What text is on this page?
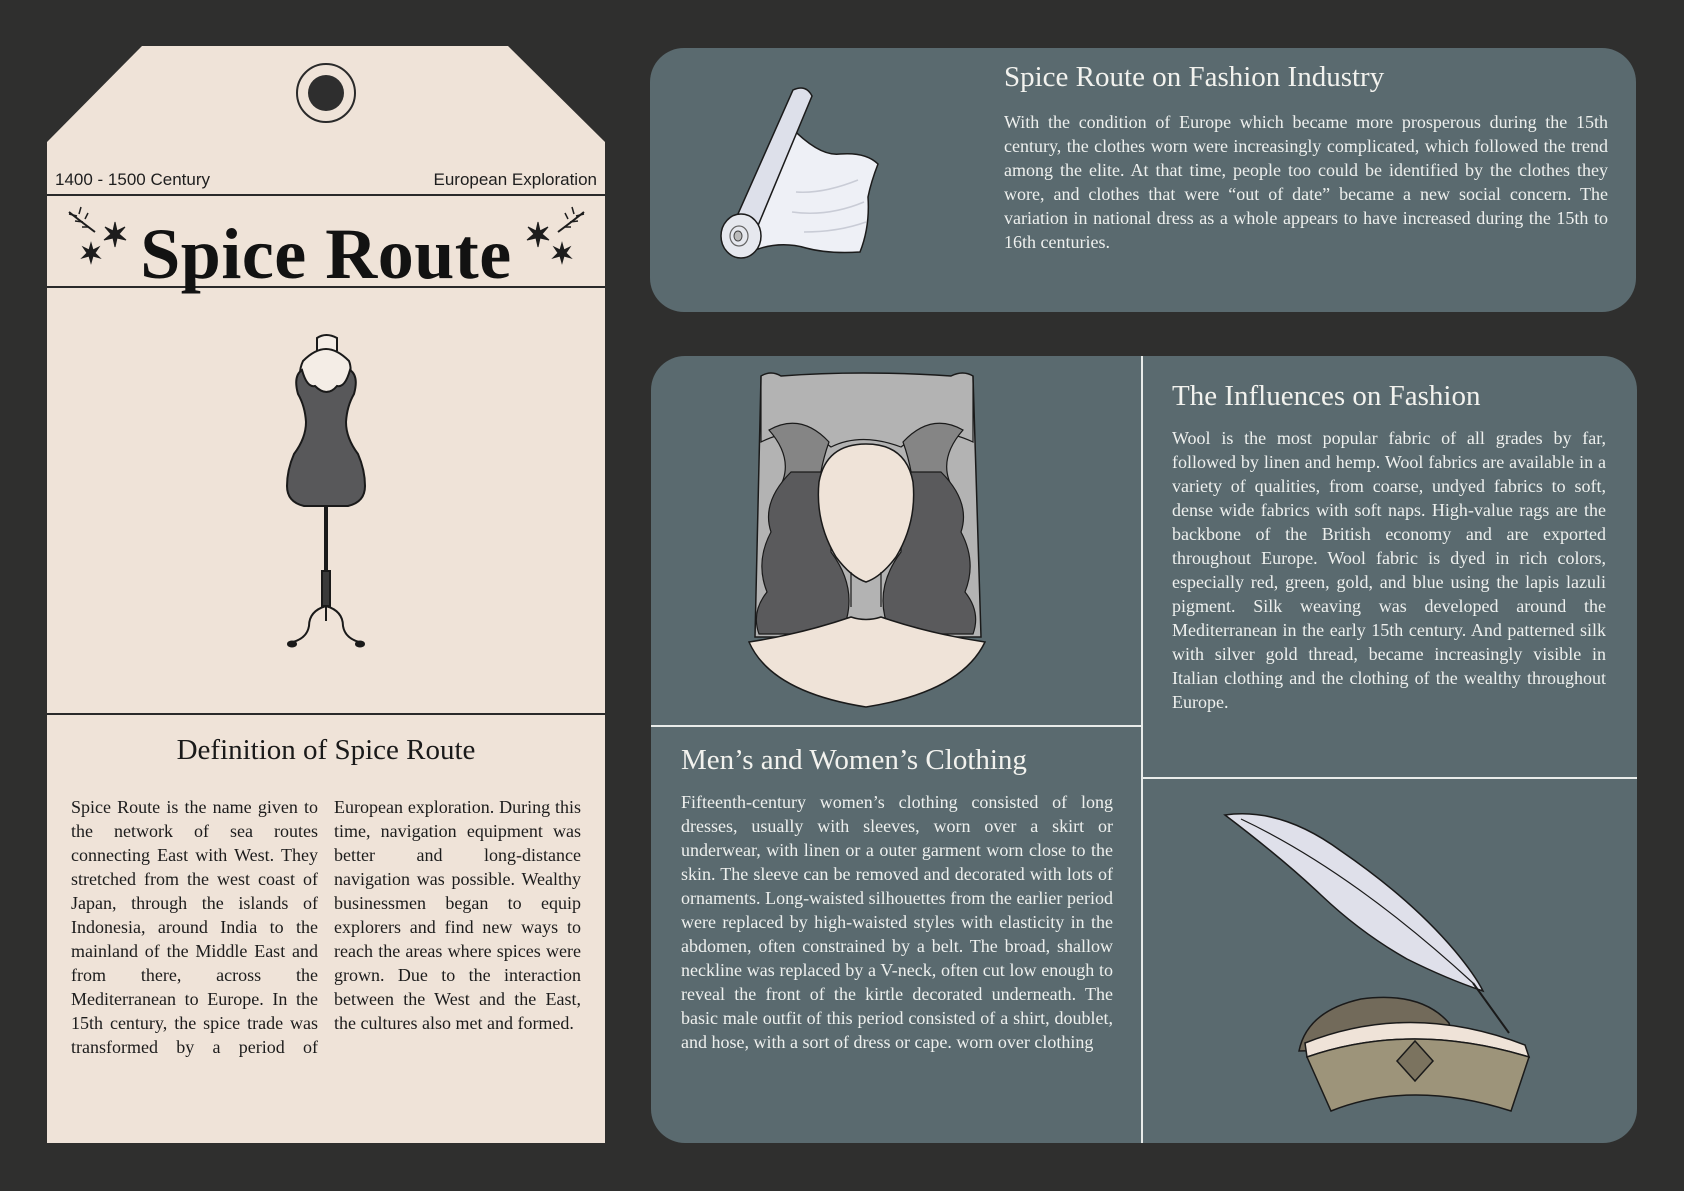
1400 - 1500 Century	European Exploration
Spice Route
Definition of Spice Route
Spice Route is the name given to the network of sea routes connecting East with West. They stretched from the west coast of Japan, through the islands of Indonesia, around India to the mainland of the Middle East and from there, across the Mediterranean to Europe. In the 15th century, the spice trade was transformed by a period of European exploration. During this time, navigation equipment was better and long-distance navigation was possible. Wealthy businessmen began to equip explorers and find new ways to reach the areas where spices were grown. Due to the interaction between the West and the East, the cultures also met and formed.
Spice Route on Fashion Industry
With the condition of Europe which became more prosperous during the 15th century, the clothes worn were increasingly complicated, which followed the trend among the elite. At that time, people too could be identified by the clothes they wore, and clothes that were “out of date” became a new social concern. The variation in national dress as a whole appears to have increased during the 15th to 16th centuries.
Men’s and Women’s Clothing
Fifteenth-century women’s clothing consisted of long dresses, usually with sleeves, worn over a skirt or underwear, with linen or a outer garment worn close to the skin. The sleeve can be removed and decorated with lots of ornaments. Long-waisted silhouettes from the earlier period were replaced by high-waisted styles with elasticity in the abdomen, often constrained by a belt. The broad, shallow neckline was replaced by a V-neck, often cut low enough to reveal the front of the kirtle decorated underneath. The basic male outfit of this period consisted of a shirt, doublet, and hose, with a sort of dress or cape. worn over clothing
The Influences on Fashion
Wool is the most popular fabric of all grades by far, followed by linen and hemp. Wool fabrics are available in a variety of qualities, from coarse, undyed fabrics to soft, dense wide fabrics with soft naps. High-value rags are the backbone of the British economy and are exported throughout Europe. Wool fabric is dyed in rich colors, especially red, green, gold, and blue using the lapis lazuli pigment. Silk weaving was developed around the Mediterranean in the early 15th century. And patterned silk with silver gold thread, became increasingly visible in Italian clothing and the clothing of the wealthy throughout Europe.
